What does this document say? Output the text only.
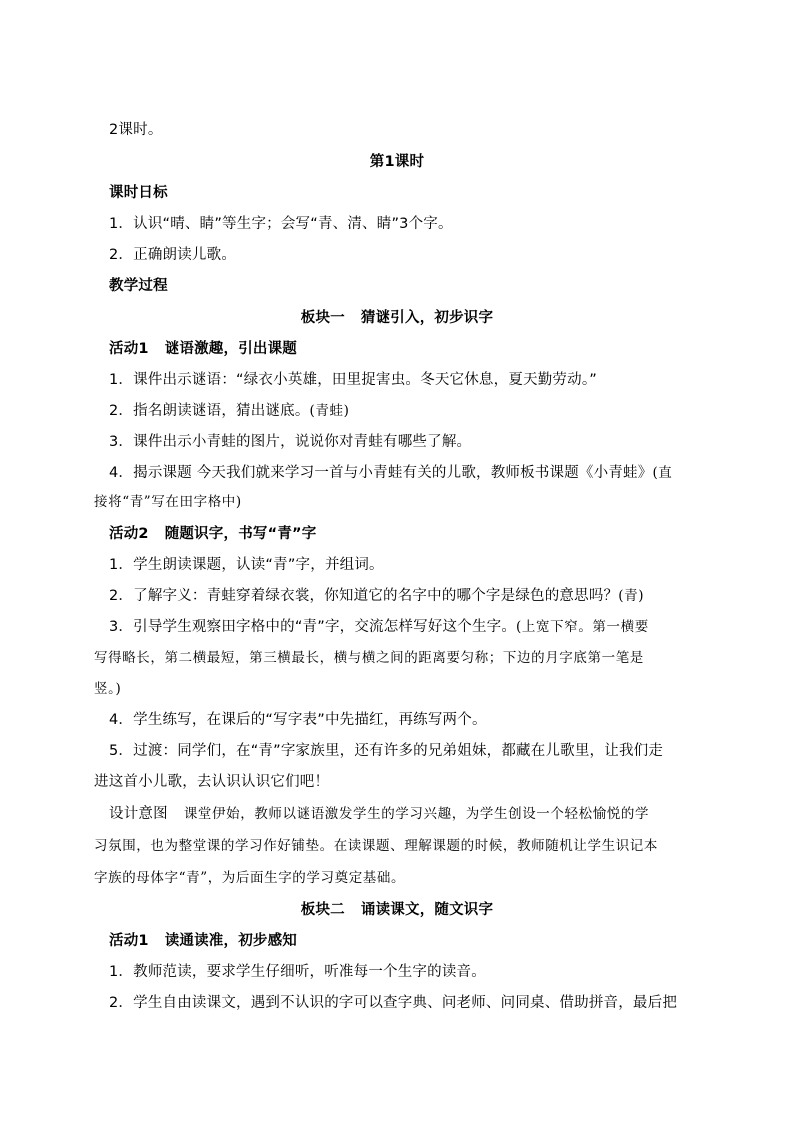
2课时。
第1课时
课时日标
1．认识“晴、睛”等生字；会写“青、清、睛”3个字。
2．正确朗读儿歌。
教学过程
板块一 猜谜引入，初步识字
活动1 谜语激趣，引出课题
1．课件出示谜语：“绿衣小英雄，田里捉害虫。冬天它休息，夏天勤劳动。”
2．指名朗读谜语，猜出谜底。(青蛙)
3．课件出示小青蛙的图片，说说你对青蛙有哪些了解。
4．揭示课题 今天我们就来学习一首与小青蛙有关的儿歌，教师板书课题《小青蛙》(直
接将“青”写在田字格中)
活动2 随题识字，书写“青”字
1．学生朗读课题，认读“青”字，并组词。
2．了解字义：青蛙穿着绿衣裳，你知道它的名字中的哪个字是绿色的意思吗？(青)
3．引导学生观察田字格中的“青”字，交流怎样写好这个生字。(上宽下窄。第一横要
写得略长，第二横最短，第三横最长，横与横之间的距离要匀称；下边的月字底第一笔是
竖。)
4．学生练写，在课后的“写字表”中先描红，再练写两个。
5．过渡：同学们，在“青”字家族里，还有许多的兄弟姐妹，都藏在儿歌里，让我们走
进这首小儿歌，去认识认识它们吧！
设计意图 课堂伊始，教师以谜语激发学生的学习兴趣，为学生创设一个轻松愉悦的学
习氛围，也为整堂课的学习作好铺垫。在读课题、理解课题的时候，教师随机让学生识记本
字族的母体字“青”，为后面生字的学习奠定基础。
板块二 诵读课文，随文识字
活动1 读通读准，初步感知
1．教师范读，要求学生仔细听，听准每一个生字的读音。
2．学生自由读课文，遇到不认识的字可以查字典、问老师、问同桌、借助拼音，最后把
